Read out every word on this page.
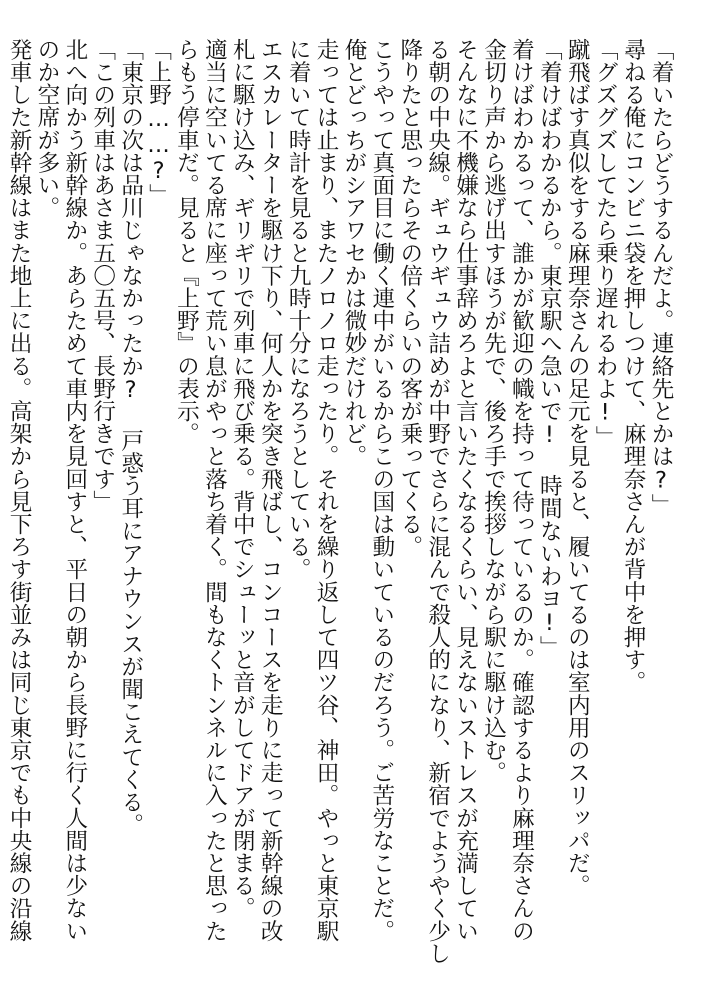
「着いたらどうするんだよ。連絡先とかは?」
尋ねる俺にコンビニ袋を押しつけて、麻理奈さんが背中を押す。
「グズグズしてたら乗り遅れるわよ!」
蹴飛ばす真似をする麻理奈さんの足元を見ると、履いてるのは室内用のスリッパだ。
「着けばわかるから。東京駅へ急いで! 時間ないわヨ!」
着けばわかるって、誰かが歓迎の幟を持って待っているのか。確認するより麻理奈さんの
金切り声から逃げ出すほうが先で、後ろ手で挨拶しながら駅に駆け込む。
そんなに不機嫌なら仕事辞めろよと言いたくなるくらい、見えないストレスが充満してい
る朝の中央線。ギュウギュウ詰めが中野でさらに混んで殺人的になり、新宿でようやく少し
降りたと思ったらその倍くらいの客が乗ってくる。
こうやって真面目に働く連中がいるからこの国は動いているのだろう。ご苦労なことだ。
俺とどっちがシアワセかは微妙だけれど。
走っては止まり、またノロノロ走ったり。それを繰り返して四ツ谷、神田。やっと東京駅
に着いて時計を見ると九時十分になろうとしている。
エスカレーターを駆け下り、何人かを突き飛ばし、コンコースを走りに走って新幹線の改
札に駆け込み、ギリギリで列車に飛び乗る。背中でシューッと音がしてドアが閉まる。
適当に空いてる席に座って荒い息がやっと落ち着く。間もなくトンネルに入ったと思った
らもう停車だ。見ると『上野』の表示。
「上野……?」
「東京の次は品川じゃなかったか? 戸惑う耳にアナウンスが聞こえてくる。
「この列車はあさま五〇五号、長野行きです」
北へ向かう新幹線か。あらためて車内を見回すと、平日の朝から長野に行く人間は少ない
のか空席が多い。
発車した新幹線はまた地上に出る。高架から見下ろす街並みは同じ東京でも中央線の沿線
